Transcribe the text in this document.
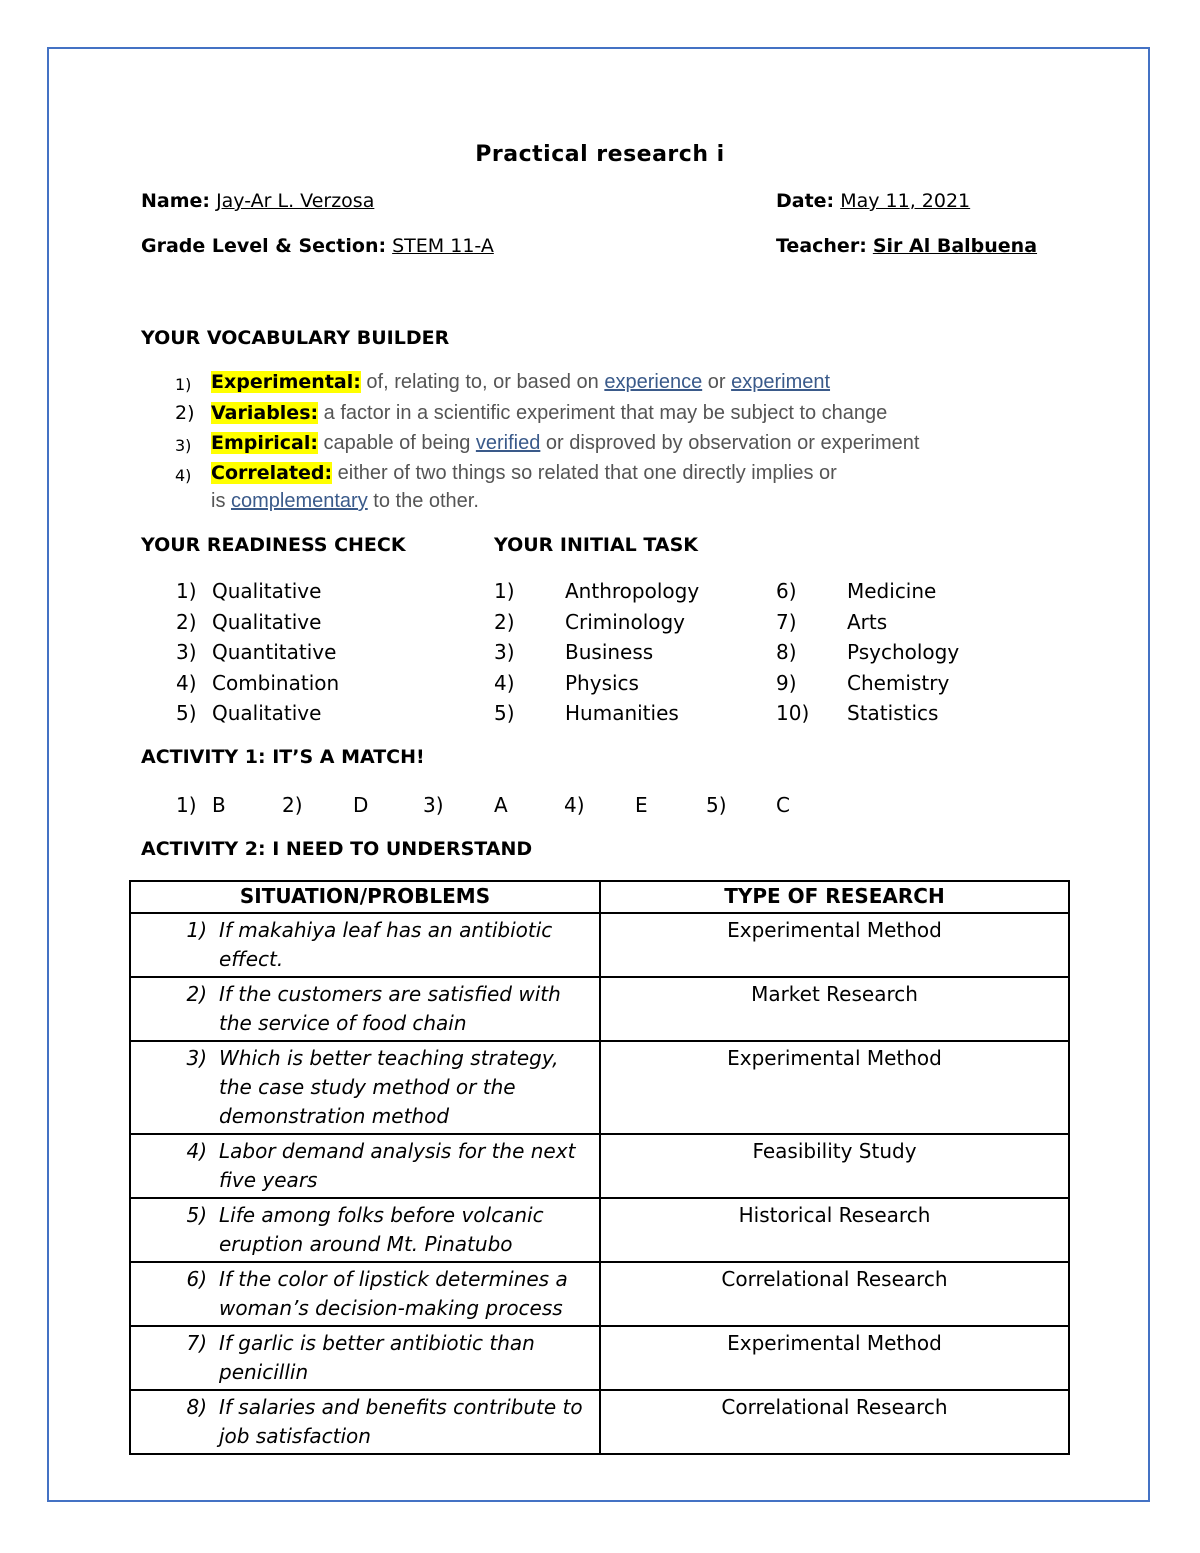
Practical research i
Name: Jay-Ar L. Verzosa	Date: May 11, 2021
Grade Level & Section: STEM 11-A	Teacher: Sir Al Balbuena
YOUR VOCABULARY BUILDER
1) Experimental: of, relating to, or based on experience or experiment
2) Variables: a factor in a scientific experiment that may be subject to change
3) Empirical: capable of being verified or disproved by observation or experiment
4) Correlated: either of two things so related that one directly implies or
is complementary to the other.
YOUR READINESS CHECK	YOUR INITIAL TASK
1) Qualitative
2) Qualitative
3) Quantitative
4) Combination
5) Qualitative
1)	Anthropology
2)	Criminology
3)	Business
4)	Physics
5)	Humanities
6)	Medicine
7)	Arts
8)	Psychology
9)	Chemistry
10) Statistics
ACTIVITY 1: IT’S A MATCH!
1) B	2)	D	3)	A	4)	E	5) C
ACTIVITY 2: I NEED TO UNDERSTAND
SITUATION/PROBLEMS	TYPE OF RESEARCH

1) If makahiya leaf has an antibiotic effect.	Experimental Method

2) If the customers are satisfied with the service of food chain	Market Research

3) Which is better teaching strategy, the case study method or the demonstration method	Experimental Method

4) Labor demand analysis for the next five years	Feasibility Study

5) Life among folks before volcanic eruption around Mt. Pinatubo	Historical Research

6) If the color of lipstick determines a woman’s decision-making process	Correlational Research

7) If garlic is better antibiotic than penicillin	Experimental Method

8) If salaries and benefits contribute to job satisfaction	Correlational Research
